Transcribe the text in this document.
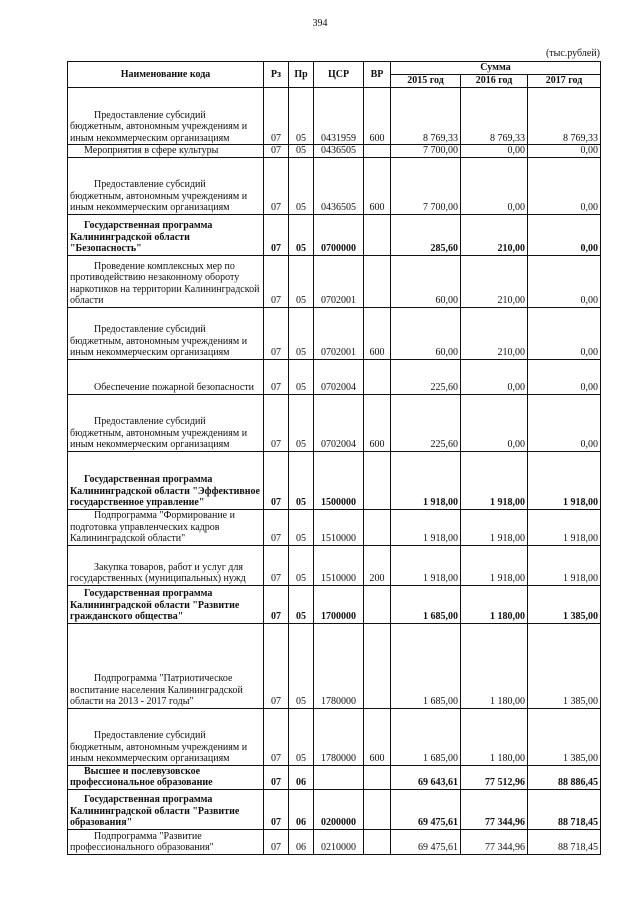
394
(тыс.рублей)
Наименование кода	Рз	Пр	ЦСР	ВР	Сумма		
					2015 год	2016 год	2017 год

Предоставление субсидий бюджетным, автономным учреждениям и иным некоммерческим организациям	07	05	0431959	600	8 769,33	8 769,33	8 769,33

Мероприятия в сфере культуры	07	05	0436505		7 700,00	0,00	0,00

Предоставление субсидий бюджетным, автономным учреждениям и иным некоммерческим организациям	07	05	0436505	600	7 700,00	0,00	0,00

Государственная программа Калининградской области "Безопасность"	07	05	0700000		285,60	210,00	0,00

Проведение комплексных мер по противодействию незаконному обороту наркотиков на территории Калининградской области	07	05	0702001		60,00	210,00	0,00

Предоставление субсидий бюджетным, автономным учреждениям и иным некоммерческим организациям	07	05	0702001	600	60,00	210,00	0,00

Обеспечение пожарной безопасности	07	05	0702004		225,60	0,00	0,00

Предоставление субсидий бюджетным, автономным учреждениям и иным некоммерческим организациям	07	05	0702004	600	225,60	0,00	0,00

Государственная программа Калининградской области "Эффективное государственное управление"	07	05	1500000		1 918,00	1 918,00	1 918,00

Подпрограмма "Формирование и подготовка управленческих кадров Калининградской области"	07	05	1510000		1 918,00	1 918,00	1 918,00

Закупка товаров, работ и услуг для государственных (муниципальных) нужд	07	05	1510000	200	1 918,00	1 918,00	1 918,00

Государственная программа Калининградской области "Развитие гражданского общества"	07	05	1700000		1 685,00	1 180,00	1 385,00

Подпрограмма "Патриотическое воспитание населения Калининградской области на 2013 - 2017 годы"	07	05	1780000		1 685,00	1 180,00	1 385,00

Предоставление субсидий бюджетным, автономным учреждениям и иным некоммерческим организациям	07	05	1780000	600	1 685,00	1 180,00	1 385,00

Высшее и послевузовское профессиональное образование	07	06			69 643,61	77 512,96	88 886,45

Государственная программа Калининградской области "Развитие образования"	07	06	0200000		69 475,61	77 344,96	88 718,45

Подпрограмма "Развитие профессионального образования"	07	06	0210000		69 475,61	77 344,96	88 718,45
